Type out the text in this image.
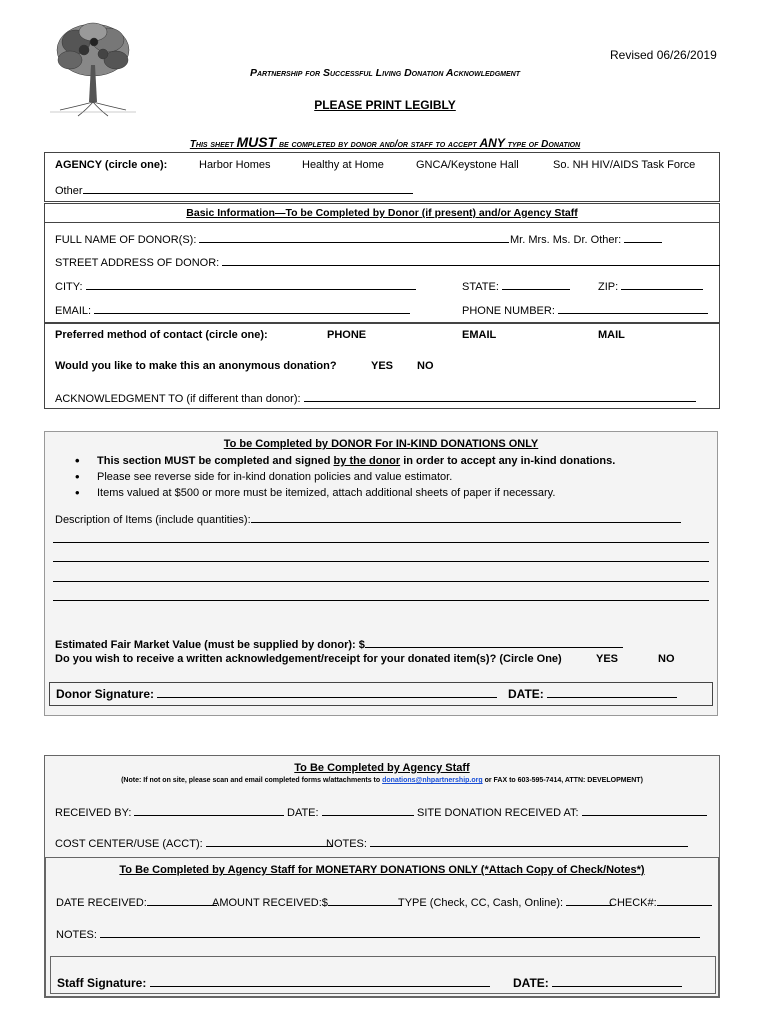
Revised 06/26/2019
Partnership for Successful Living Donation Acknowledgment
PLEASE PRINT LEGIBLY
This sheet MUST be completed by donor and/or staff to accept ANY type of Donation
AGENCY (circle one):	Harbor Homes	Healthy at Home	GNCA/Keystone Hall	So. NH HIV/AIDS Task Force
Other
Basic Information—To be Completed by Donor (if present) and/or Agency Staff
FULL NAME OF DONOR(S):	Mr. Mrs. Ms. Dr. Other:
STREET ADDRESS OF DONOR:
CITY:	STATE:	ZIP:
EMAIL:	PHONE NUMBER:
Preferred method of contact (circle one):	PHONE	EMAIL	MAIL
Would you like to make this an anonymous donation?	YES NO
ACKNOWLEDGMENT TO (if different than donor):
To be Completed by DONOR For IN-KIND DONATIONS ONLY
• This section MUST be completed and signed by the donor in order to accept any in-kind donations.
• Please see reverse side for in-kind donation policies and value estimator.
• Items valued at $500 or more must be itemized, attach additional sheets of paper if necessary.
Description of Items (include quantities):
Estimated Fair Market Value (must be supplied by donor): $
Do you wish to receive a written acknowledgement/receipt for your donated item(s)? (Circle One)	YES	NO
Donor Signature:	DATE:
To Be Completed by Agency Staff
(Note: If not on site, please scan and email completed forms w/attachments to donations@nhpartnership.org or FAX to 603-595-7414, ATTN: DEVELOPMENT)
RECEIVED BY:	DATE:	SITE DONATION RECEIVED AT:
COST CENTER/USE (ACCT):	NOTES:
To Be Completed by Agency Staff for MONETARY DONATIONS ONLY (*Attach Copy of Check/Notes*)
DATE RECEIVED:	AMOUNT RECEIVED:$	TYPE (Check, CC, Cash, Online):	CHECK#:
NOTES:
Staff Signature:	DATE:
